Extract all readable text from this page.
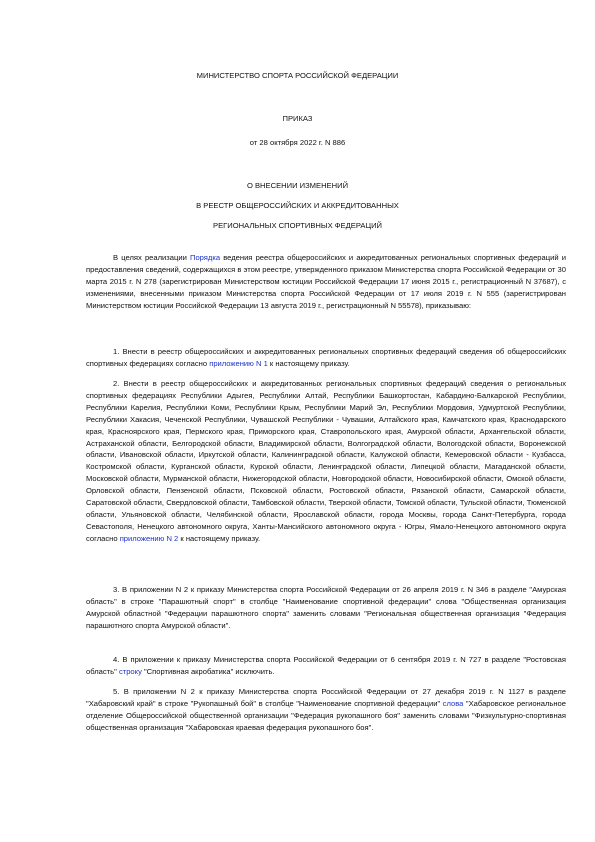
МИНИСТЕРСТВО СПОРТА РОССИЙСКОЙ ФЕДЕРАЦИИ
ПРИКАЗ
от 28 октября 2022 г. N 886
О ВНЕСЕНИИ ИЗМЕНЕНИЙ
В РЕЕСТР ОБЩЕРОССИЙСКИХ И АККРЕДИТОВАННЫХ
РЕГИОНАЛЬНЫХ СПОРТИВНЫХ ФЕДЕРАЦИЙ

В целях реализации Порядка ведения реестра общероссийских и аккредитованных региональных спортивных федераций и предоставления сведений, содержащихся в этом реестре, утвержденного приказом Министерства спорта Российской Федерации от 30 марта 2015 г. N 278 (зарегистрирован Министерством юстиции Российской Федерации 17 июня 2015 г., регистрационный N 37687), с изменениями, внесенными приказом Министерства спорта Российской Федерации от 17 июля 2019 г. N 555 (зарегистрирован Министерством юстиции Российской Федерации 13 августа 2019 г., регистрационный N 55578), приказываю:

1. Внести в реестр общероссийских и аккредитованных региональных спортивных федераций сведения об общероссийских спортивных федерациях согласно приложению N 1 к настоящему приказу.

2. Внести в реестр общероссийских и аккредитованных региональных спортивных федераций сведения о региональных спортивных федерациях Республики Адыгея, Республики Алтай, Республики Башкортостан, Кабардино-Балкарской Республики, Республики Карелия, Республики Коми, Республики Крым, Республики Марий Эл, Республики Мордовия, Удмуртской Республики, Республики Хакасия, Чеченской Республики, Чувашской Республики - Чувашии, Алтайского края, Камчатского края, Краснодарского края, Красноярского края, Пермского края, Приморского края, Ставропольского края, Амурской области, Архангельской области, Астраханской области, Белгородской области, Владимирской области, Волгоградской области, Вологодской области, Воронежской области, Ивановской области, Иркутской области, Калининградской области, Калужской области, Кемеровской области - Кузбасса, Костромской области, Курганской области, Курской области, Ленинградской области, Липецкой области, Магаданской области, Московской области, Мурманской области, Нижегородской области, Новгородской области, Новосибирской области, Омской области, Орловской области, Пензенской области, Псковской области, Ростовской области, Рязанской области, Самарской области, Саратовской области, Свердловской области, Тамбовской области, Тверской области, Томской области, Тульской области, Тюменской области, Ульяновской области, Челябинской области, Ярославской области, города Москвы, города Санкт-Петербурга, города Севастополя, Ненецкого автономного округа, Ханты-Мансийского автономного округа - Югры, Ямало-Ненецкого автономного округа согласно приложению N 2 к настоящему приказу.

3. В приложении N 2 к приказу Министерства спорта Российской Федерации от 26 апреля 2019 г. N 346 в разделе "Амурская область" в строке "Парашютный спорт" в столбце "Наименование спортивной федерации" слова "Общественная организация Амурской областной "Федерации парашютного спорта" заменить словами "Региональная общественная организация "Федерация парашютного спорта Амурской области".

4. В приложении к приказу Министерства спорта Российской Федерации от 6 сентября 2019 г. N 727 в разделе "Ростовская область" строку "Спортивная акробатика" исключить.

5. В приложении N 2 к приказу Министерства спорта Российской Федерации от 27 декабря 2019 г. N 1127 в разделе "Хабаровский край" в строке "Рукопашный бой" в столбце "Наименование спортивной федерации" слова "Хабаровское региональное отделение Общероссийской общественной организации "Федерация рукопашного боя" заменить словами "Физкультурно-спортивная общественная организация "Хабаровская краевая федерация рукопашного боя".
